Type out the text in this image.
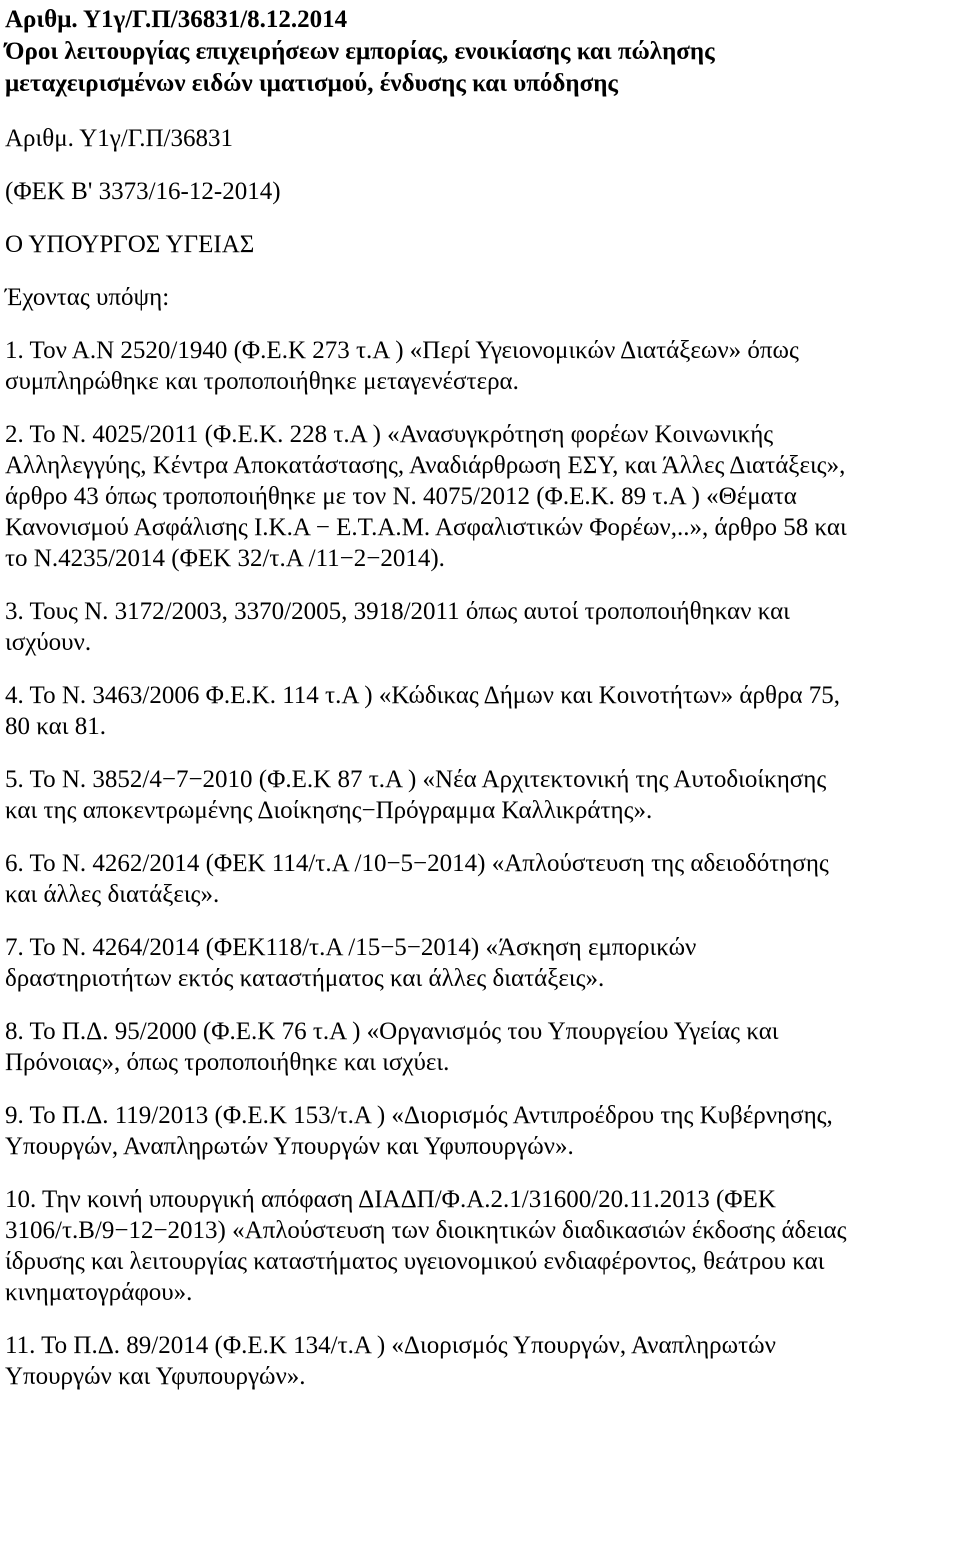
Αριθμ. Υ1γ/Γ.Π/36831/8.12.2014
Όροι λειτουργίας επιχειρήσεων εμπορίας, ενοικίασης και πώλησης
μεταχειρισμένων ειδών ιματισμού, ένδυσης και υπόδησης

Αριθμ. Υ1γ/Γ.Π/36831

(ΦΕΚ Β' 3373/16-12-2014)

Ο ΥΠΟΥΡΓΟΣ ΥΓΕΙΑΣ

Έχοντας υπόψη:

1. Τον Α.Ν 2520/1940 (Φ.Ε.Κ 273 τ.Α ) «Περί Υγειονομικών Διατάξεων» όπως
συμπληρώθηκε και τροποποιήθηκε μεταγενέστερα.

2. Το Ν. 4025/2011 (Φ.Ε.Κ. 228 τ.Α ) «Ανασυγκρότηση φορέων Κοινωνικής
Αλληλεγγύης, Κέντρα Αποκατάστασης, Αναδιάρθρωση ΕΣΥ, και Άλλες Διατάξεις»,
άρθρο 43 όπως τροποποιήθηκε με τον Ν. 4075/2012 (Φ.Ε.Κ. 89 τ.Α ) «Θέματα
Κανονισμού Ασφάλισης Ι.Κ.Α − Ε.Τ.Α.Μ. Ασφαλιστικών Φορέων,..», άρθρο 58 και
το Ν.4235/2014 (ΦΕΚ 32/τ.Α /11−2−2014).

3. Τους Ν. 3172/2003, 3370/2005, 3918/2011 όπως αυτοί τροποποιήθηκαν και
ισχύουν.

4. Το Ν. 3463/2006 Φ.Ε.Κ. 114 τ.Α ) «Κώδικας Δήμων και Κοινοτήτων» άρθρα 75,
80 και 81.

5. Το Ν. 3852/4−7−2010 (Φ.Ε.Κ 87 τ.Α ) «Νέα Αρχιτεκτονική της Αυτοδιοίκησης
και της αποκεντρωμένης Διοίκησης−Πρόγραμμα Καλλικράτης».

6. Το Ν. 4262/2014 (ΦΕΚ 114/τ.Α /10−5−2014) «Απλούστευση της αδειοδότησης
και άλλες διατάξεις».

7. Το Ν. 4264/2014 (ΦΕΚ118/τ.Α /15−5−2014) «Άσκηση εμπορικών
δραστηριοτήτων εκτός καταστήματος και άλλες διατάξεις».

8. Το Π.Δ. 95/2000 (Φ.Ε.Κ 76 τ.Α ) «Οργανισμός του Υπουργείου Υγείας και
Πρόνοιας», όπως τροποποιήθηκε και ισχύει.

9. Το Π.Δ. 119/2013 (Φ.Ε.Κ 153/τ.Α ) «Διορισμός Αντιπροέδρου της Κυβέρνησης,
Υπουργών, Αναπληρωτών Υπουργών και Υφυπουργών».

10. Την κοινή υπουργική απόφαση ΔΙΑΔΠ/Φ.Α.2.1/31600/20.11.2013 (ΦΕΚ
3106/τ.Β/9−12−2013) «Απλούστευση των διοικητικών διαδικασιών έκδοσης άδειας
ίδρυσης και λειτουργίας καταστήματος υγειονομικού ενδιαφέροντος, θεάτρου και
κινηματογράφου».

11. Το Π.Δ. 89/2014 (Φ.Ε.Κ 134/τ.Α ) «Διορισμός Υπουργών, Αναπληρωτών
Υπουργών και Υφυπουργών».
